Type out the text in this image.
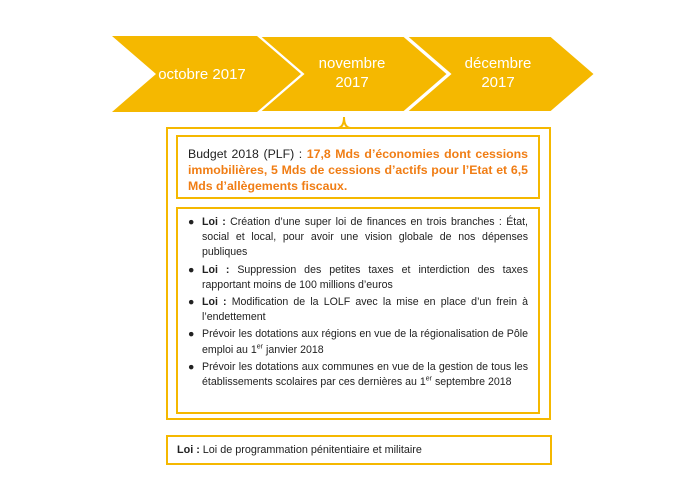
octobre 2017
novembre
2017
décembre
2017
Budget 2018 (PLF) : 17,8 Mds d’économies dont cessions immobilières, 5 Mds de cessions d’actifs pour l’Etat et 6,5 Mds d’allègements fiscaux.
● Loi : Création d’une super loi de finances en trois branches : État, social et local, pour avoir une vision globale de nos dépenses publiques
● Loi : Suppression des petites taxes et interdiction des taxes rapportant moins de 100 millions d’euros
● Loi : Modification de la LOLF avec la mise en place d’un frein à l’endettement
● Prévoir les dotations aux régions en vue de la régionalisation de Pôle emploi au 1er janvier 2018
● Prévoir les dotations aux communes en vue de la gestion de tous les établissements scolaires par ces dernières au 1er septembre 2018
Loi : Loi de programmation pénitentiaire et militaire
